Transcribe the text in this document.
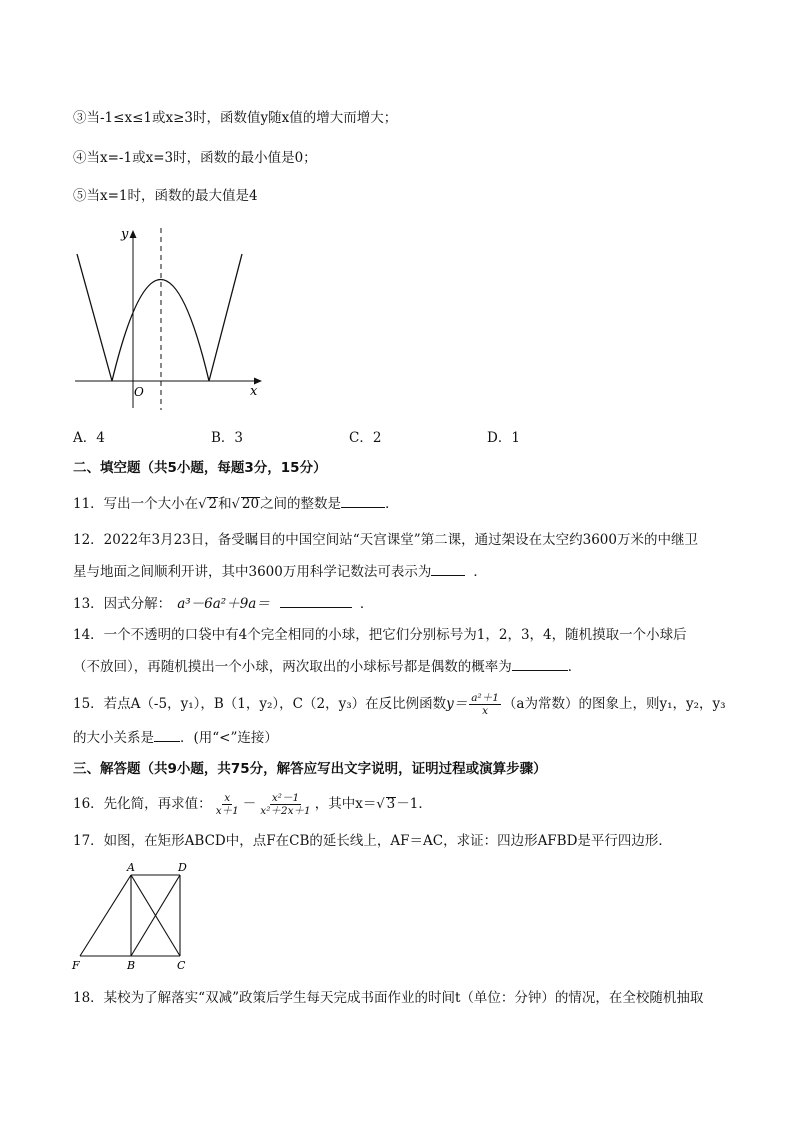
③当-1≤x≤1或x≥3时，函数值y随x值的增大而增大；
④当x=-1或x=3时，函数的最小值是0；
⑤当x=1时，函数的最大值是4
y
O	x
A．4	B．3	C．2	D．1
二、填空题（共5小题，每题3分，15分）
11．写出一个大小在√ 2和√ 20之间的整数是	．
12．2022年3月23日，备受瞩目的中国空间站“天宫课堂”第二课，通过架设在太空约3600万米的中继卫
星与地面之间顺利开讲，其中3600万用科学记数法可表示为	．
13．因式分解： a³－6a²＋9a＝	．
14．一个不透明的口袋中有4个完全相同的小球，把它们分别标号为1，2，3，4，随机摸取一个小球后
（不放回），再随机摸出一个小球，两次取出的小球标号都是偶数的概率为	．
15．若点A（-5，y₁），B（1，y₂），C（2，y₃）在反比例函数$y= \frac{\text{a²＋1}}{x} (a$为常数）的图象上，则y₁，y₂，y₃
的大小关系是 ．(用“<”连接）
三、解答题（共9小题，共75分，解答应写出文字说明，证明过程或演算步骤）
16．先化简，再求值： $\frac{x}{x+1} - \frac{\text{x²－1}}{\text{x²＋2x＋1}}$ ，其中x＝√ 3－1．
17．如图，在矩形ABCD中，点F在CB的延长线上，AF＝AC，求证：四边形AFBD是平行四边形．
A	D
F	B	C
18．某校为了解落实“双减”政策后学生每天完成书面作业的时间t（单位：分钟）的情况，在全校随机抽取
